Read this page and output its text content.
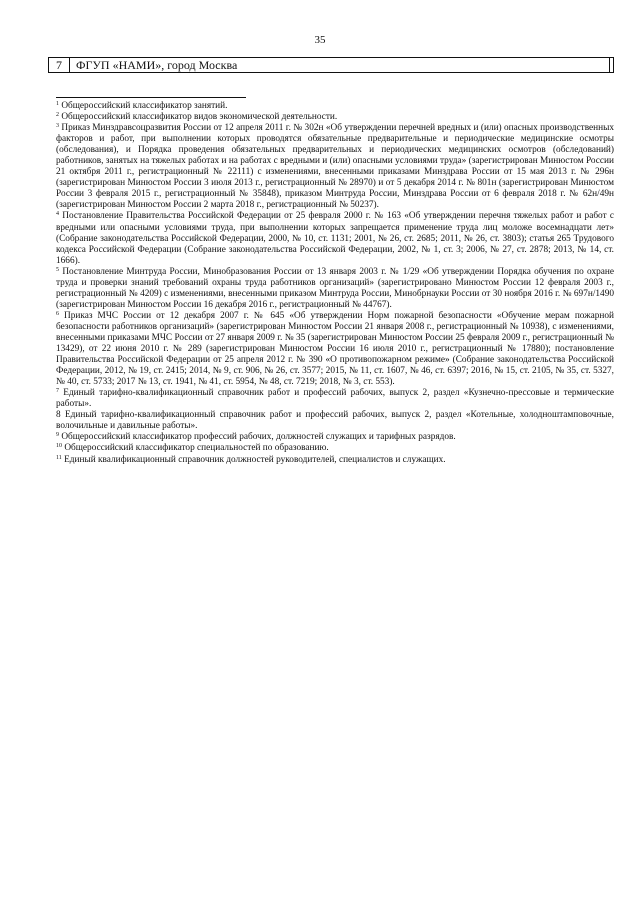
35
7	ФГУП «НАМИ», город Москва

$^1$ Общероссийский классификатор занятий.

$^2$ Общероссийский классификатор видов экономической деятельности.

$^3$ Приказ Минздравсоцразвития России от 12 апреля 2011 г. № 302н «Об утверждении перечней вредных и (или) опасных производственных факторов и работ, при выполнении которых проводятся обязательные предварительные и периодические медицинские осмотры (обследования), и Порядка проведения обязательных предварительных и периодических медицинских осмотров (обследований) работников, занятых на тяжелых работах и на работах с вредными и (или) опасными условиями труда» (зарегистрирован Минюстом России 21 октября 2011 г., регистрационный № 22111) с изменениями, внесенными приказами Минздрава России от 15 мая 2013 г. № 296н (зарегистрирован Минюстом России 3 июля 2013 г., регистрационный № 28970) и от 5 декабря 2014 г. № 801н (зарегистрирован Минюстом России 3 февраля 2015 г., регистрационный № 35848), приказом Минтруда России, Минздрава России от 6 февраля 2018 г. № 62н/49н (зарегистрирован Минюстом России 2 марта 2018 г., регистрационный № 50237).

$^4$ Постановление Правительства Российской Федерации от 25 февраля 2000 г. № 163 «Об утверждении перечня тяжелых работ и работ с вредными или опасными условиями труда, при выполнении которых запрещается применение труда лиц моложе восемнадцати лет» (Собрание законодательства Российской Федерации, 2000, № 10, ст. 1131; 2001, № 26, ст. 2685; 2011, № 26, ст. 3803); статья 265 Трудового кодекса Российской Федерации (Собрание законодательства Российской Федерации, 2002, № 1, ст. 3; 2006, № 27, ст. 2878; 2013, № 14, ст. 1666).

$^5$ Постановление Минтруда России, Минобразования России от 13 января 2003 г. № 1/29 «Об утверждении Порядка обучения по охране труда и проверки знаний требований охраны труда работников организаций» (зарегистрировано Минюстом России 12 февраля 2003 г., регистрационный № 4209) с изменениями, внесенными приказом Минтруда России, Минобрнауки России от 30 ноября 2016 г. № 697н/1490 (зарегистрирован Минюстом России 16 декабря 2016 г., регистрационный № 44767).

$^6$ Приказ МЧС России от 12 декабря 2007 г. № 645 «Об утверждении Норм пожарной безопасности «Обучение мерам пожарной безопасности работников организаций» (зарегистрирован Минюстом России 21 января 2008 г., регистрационный № 10938), с изменениями, внесенными приказами МЧС России от 27 января 2009 г. № 35 (зарегистрирован Минюстом России 25 февраля 2009 г., регистрационный № 13429), от 22 июня 2010 г. № 289 (зарегистрирован Минюстом России 16 июля 2010 г., регистрационный № 17880); постановление Правительства Российской Федерации от 25 апреля 2012 г. № 390 «О противопожарном режиме» (Собрание законодательства Российской Федерации, 2012, № 19, ст. 2415; 2014, № 9, ст. 906, № 26, ст. 3577; 2015, № 11, ст. 1607, № 46, ст. 6397; 2016, № 15, ст. 2105, № 35, ст. 5327, № 40, ст. 5733; 2017 № 13, ст. 1941, № 41, ст. 5954, № 48, ст. 7219; 2018, № 3, ст. 553).

$^7$ Единый тарифно-квалификационный справочник работ и профессий рабочих, выпуск 2, раздел «Кузнечно-прессовые и термические работы».

8 Единый тарифно-квалификационный справочник работ и профессий рабочих, выпуск 2, раздел «Котельные, холодноштамповочные, волочильные и давильные работы».

$^9$ Общероссийский классификатор профессий рабочих, должностей служащих и тарифных разрядов.

$^{10}$ Общероссийский классификатор специальностей по образованию.

$^{11}$ Единый квалификационный справочник должностей руководителей, специалистов и служащих.
